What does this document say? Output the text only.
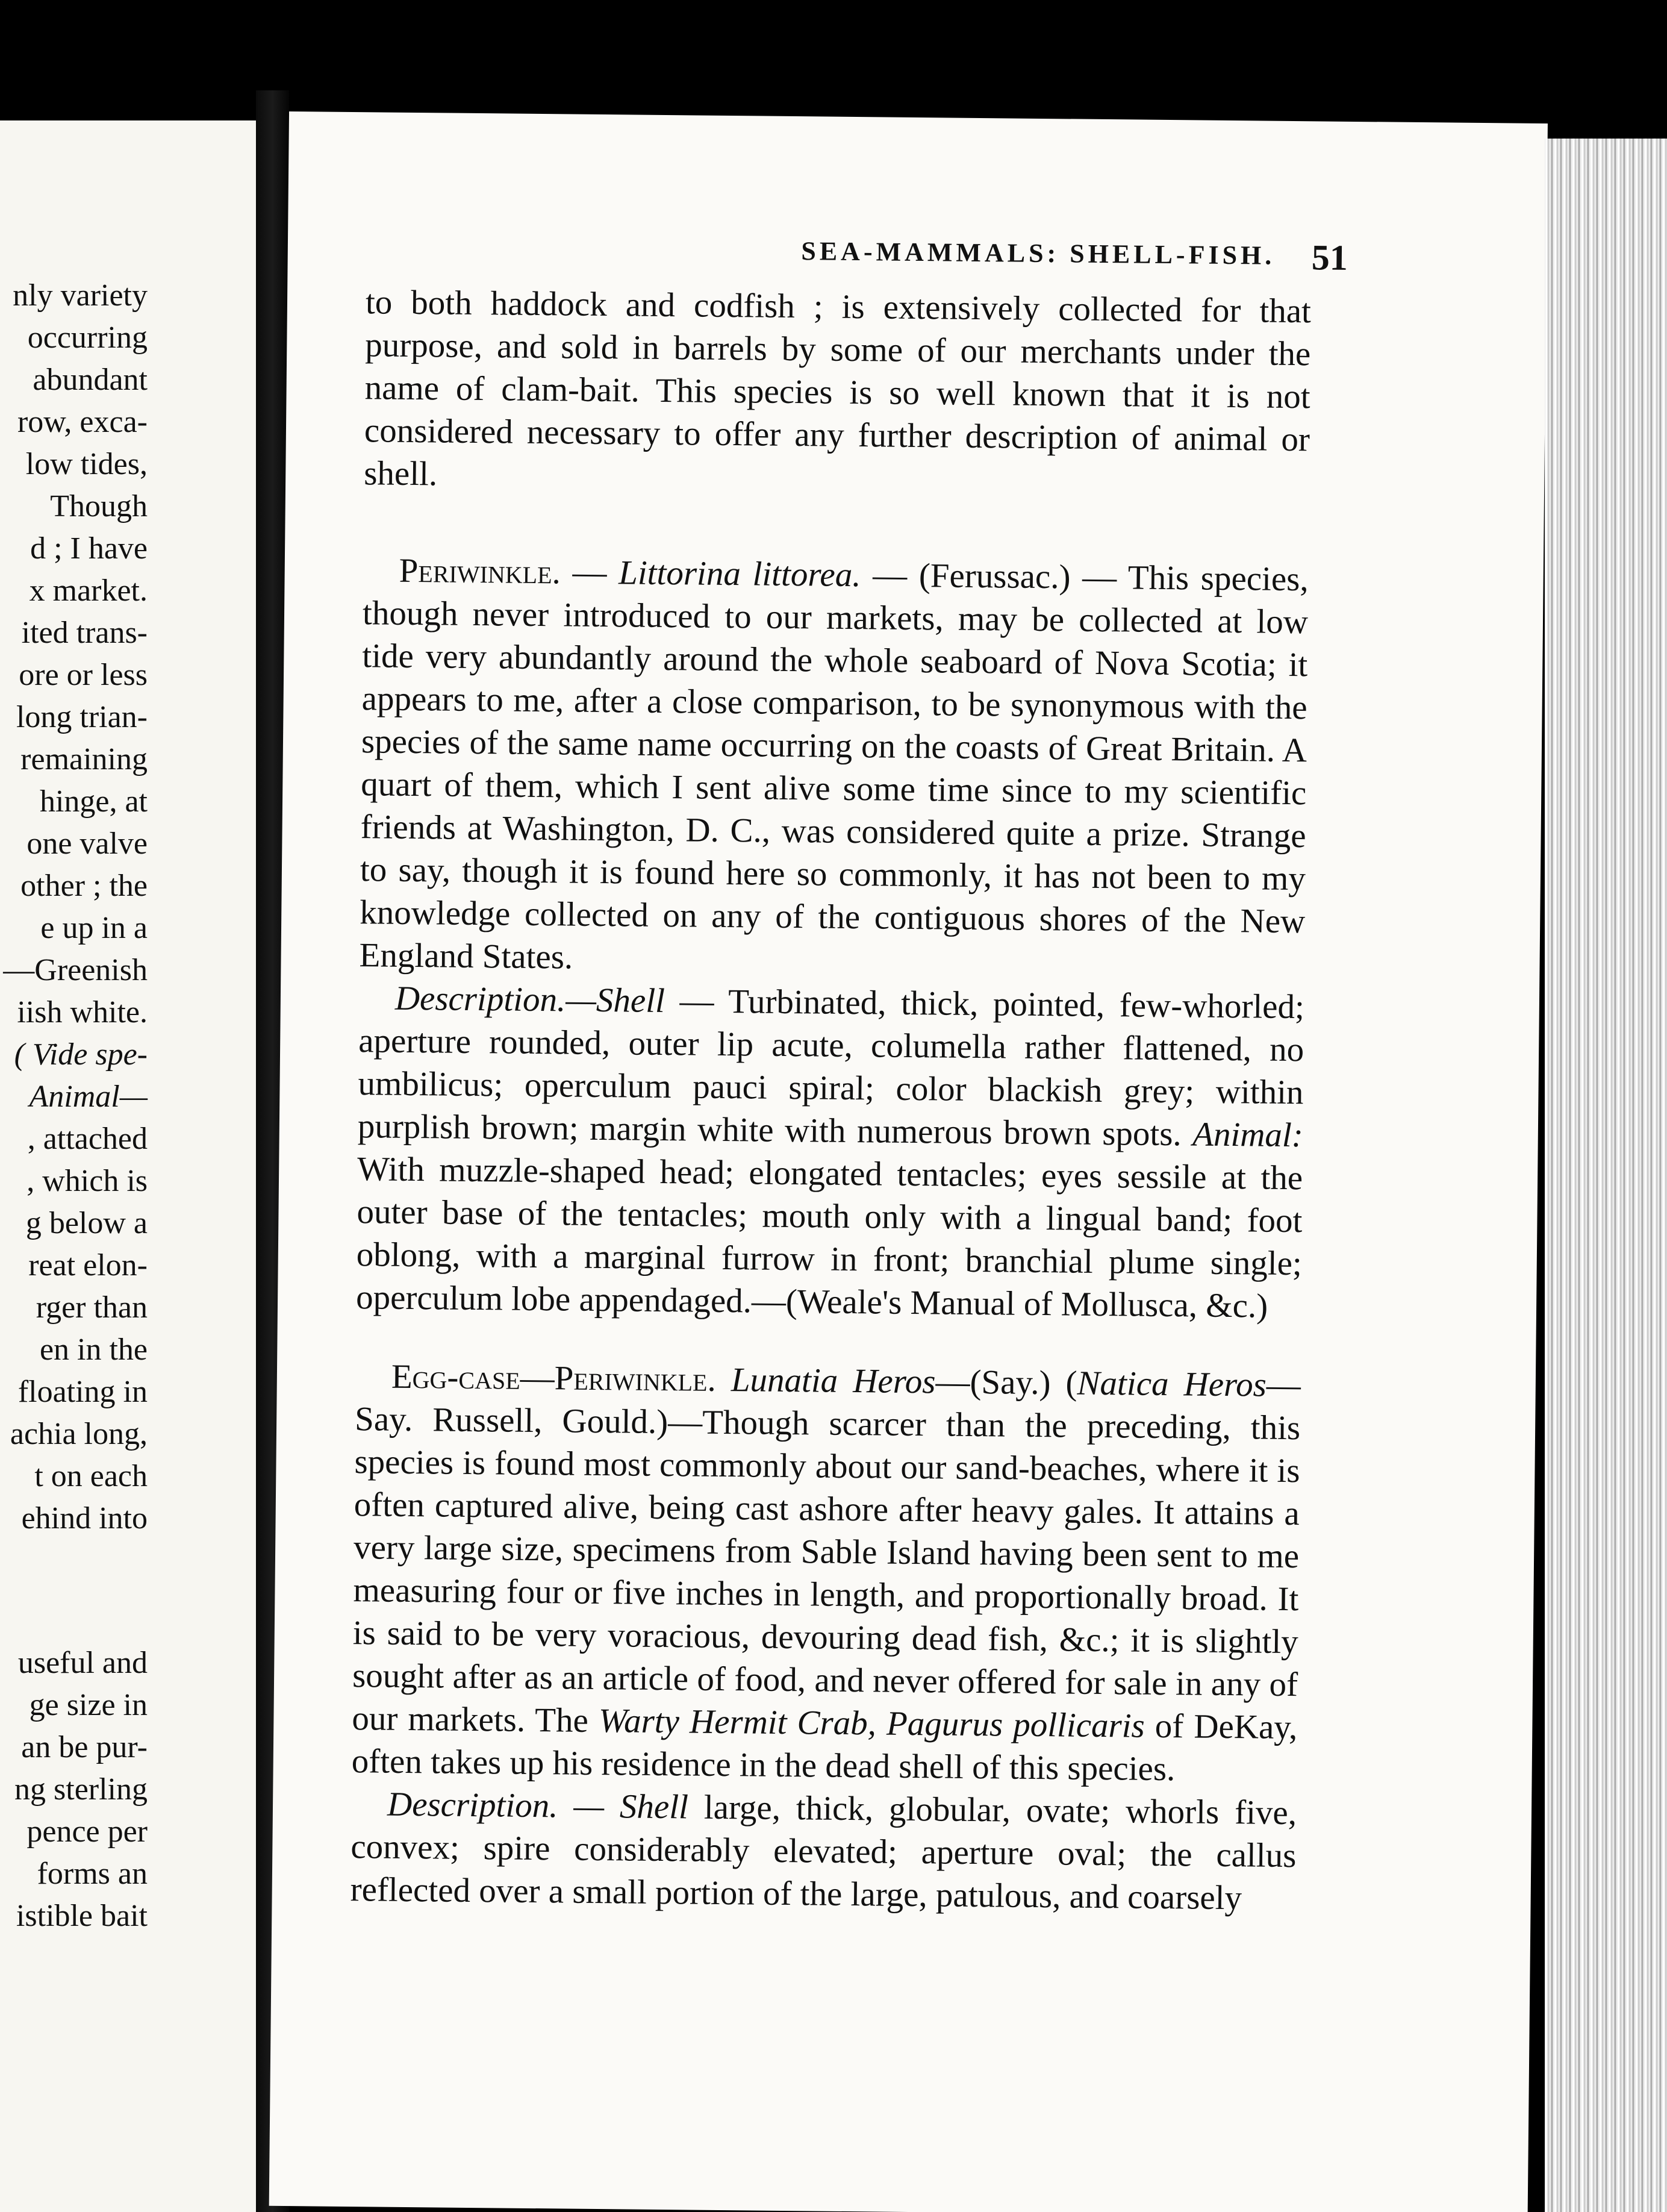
nly variety
occurring
abundant
row, exca-
low tides,
Though
d ; I have
x market.
ited trans-
ore or less
long trian-
remaining
hinge, at
one valve
other ; the
e up in a
—Greenish
iish white.
( Vide spe-
Animal—
, attached
, which is
g below a
reat elon-
rger than
en in the
floating in
achia long,
t on each
ehind into
useful and
ge size in
an be pur-
ng sterling
pence per
forms an
istible bait
SEA-MAMMALS: SHELL-FISH. 51

to both haddock and codfish ; is extensively collected for that purpose, and sold in barrels by some of our merchants under the name of clam-bait. This species is so well known that it is not considered necessary to offer any further description of animal or shell.

Periwinkle. — Littorina littorea. — (Ferussac.) — This species, though never introduced to our markets, may be collected at low tide very abundantly around the whole seaboard of Nova Scotia; it appears to me, after a close comparison, to be synonymous with the species of the same name occurring on the coasts of Great Britain. A quart of them, which I sent alive some time since to my scientific friends at Washington, D. C., was considered quite a prize. Strange to say, though it is found here so commonly, it has not been to my knowledge collected on any of the contiguous shores of the New England States.

Description.—Shell — Turbinated, thick, pointed, few-whorled; aperture rounded, outer lip acute, columella rather flattened, no umbilicus; operculum pauci spiral; color blackish grey; within purplish brown; margin white with numerous brown spots. Animal: With muzzle-shaped head; elongated tentacles; eyes sessile at the outer base of the tentacles; mouth only with a lingual band; foot oblong, with a marginal furrow in front; branchial plume single; operculum lobe appendaged.—(Weale's Manual of Mollusca, &c.)

Egg-case—Periwinkle. Lunatia Heros—(Say.) (Natica Heros—Say. Russell, Gould.)—Though scarcer than the preceding, this species is found most commonly about our sand-beaches, where it is often captured alive, being cast ashore after heavy gales. It attains a very large size, specimens from Sable Island having been sent to me measuring four or five inches in length, and proportionally broad. It is said to be very voracious, devouring dead fish, &c.; it is slightly sought after as an article of food, and never offered for sale in any of our markets. The Warty Hermit Crab, Pagurus pollicaris of DeKay, often takes up his residence in the dead shell of this species.

Description. — Shell large, thick, globular, ovate; whorls five, convex; spire considerably elevated; aperture oval; the callus reflected over a small portion of the large, patulous, and coarsely
